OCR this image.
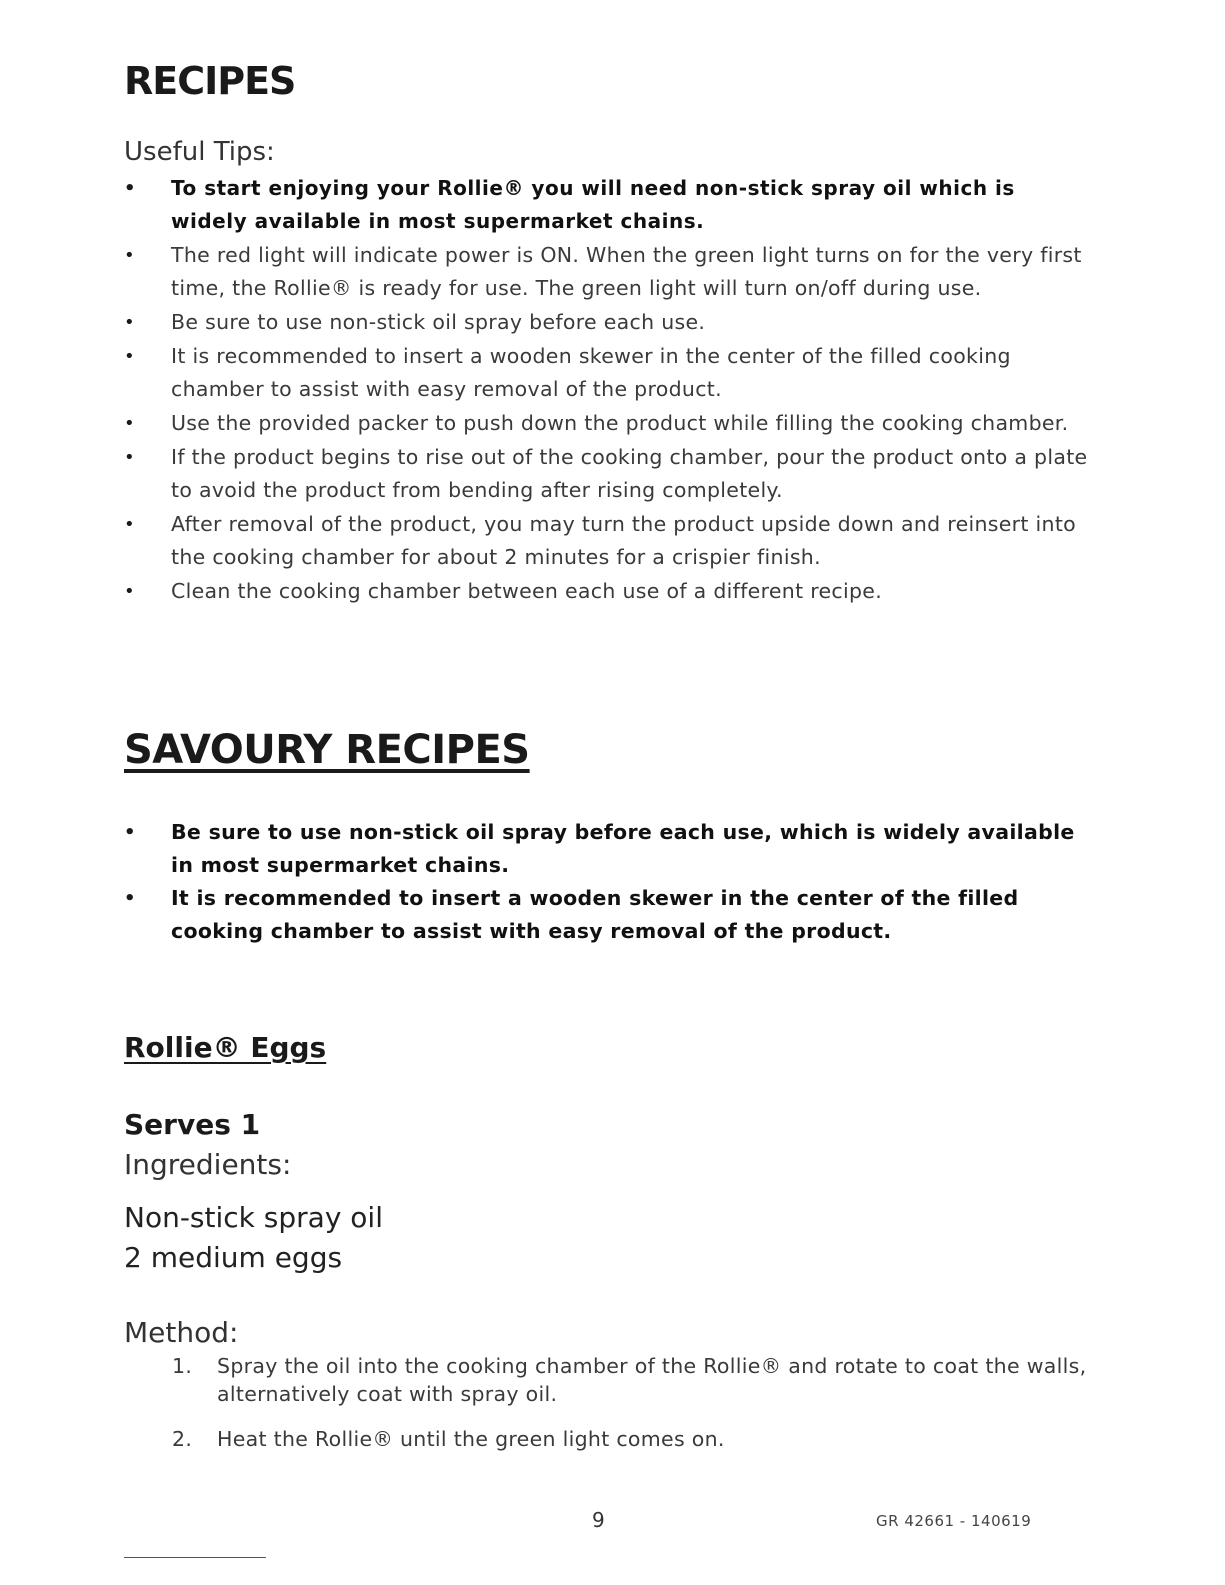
RECIPES
Useful Tips:
• To start enjoying your Rollie® you will need non-stick spray oil which is widely available in most supermarket chains.
• The red light will indicate power is ON. When the green light turns on for the very first time, the Rollie® is ready for use. The green light will turn on/off during use.
• Be sure to use non-stick oil spray before each use.
• It is recommended to insert a wooden skewer in the center of the filled cooking chamber to assist with easy removal of the product.
• Use the provided packer to push down the product while filling the cooking chamber.
• If the product begins to rise out of the cooking chamber, pour the product onto a plate to avoid the product from bending after rising completely.
• After removal of the product, you may turn the product upside down and reinsert into the cooking chamber for about 2 minutes for a crispier finish.
• Clean the cooking chamber between each use of a different recipe.
SAVOURY RECIPES
• Be sure to use non-stick oil spray before each use, which is widely available in most supermarket chains.
• It is recommended to insert a wooden skewer in the center of the filled cooking chamber to assist with easy removal of the product.
Rollie® Eggs
Serves 1
Ingredients:
Non-stick spray oil
2 medium eggs
Method:
1. Spray the oil into the cooking chamber of the Rollie® and rotate to coat the walls, alternatively coat with spray oil.
2. Heat the Rollie® until the green light comes on.
9	GR 42661 - 140619
